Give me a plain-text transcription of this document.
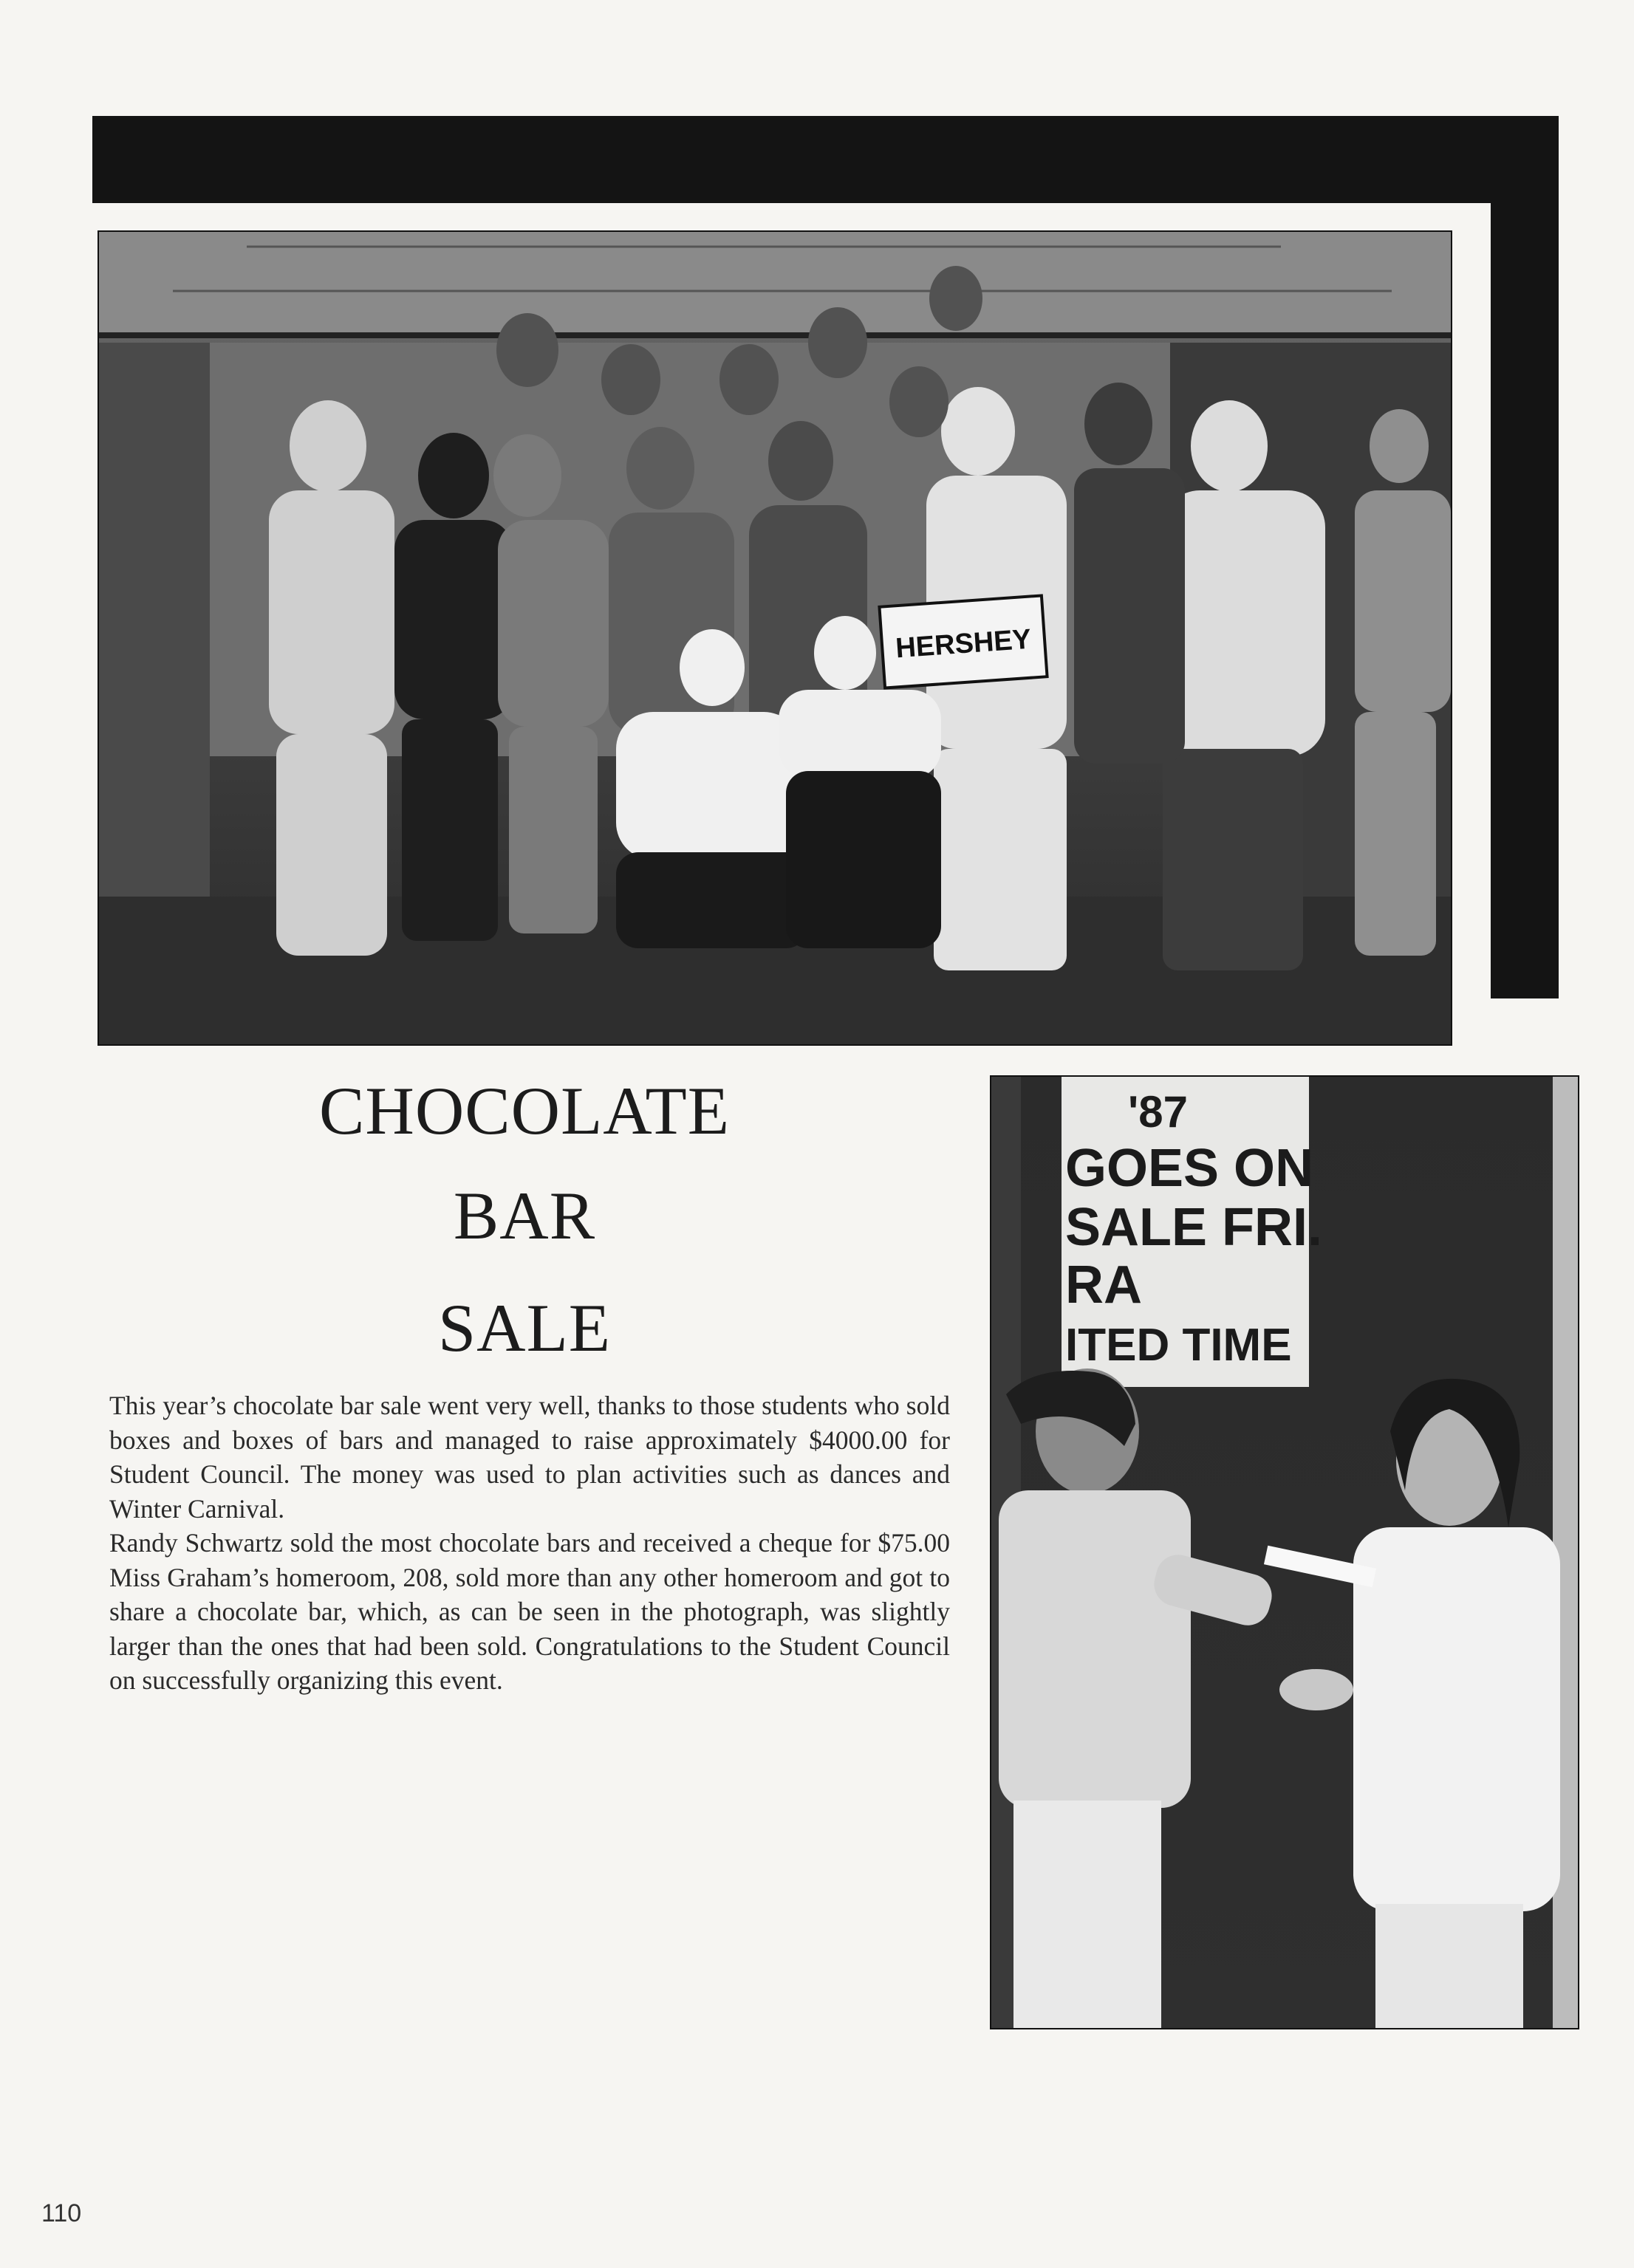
HERSHEY
CHOCOLATE
BAR
SALE

This year’s chocolate bar sale went very well, thanks to those students who sold boxes and boxes of bars and managed to raise approximately $4000.00 for Student Council. The money was used to plan activities such as dances and Winter Carnival.

Randy Schwartz sold the most chocolate bars and received a cheque for $75.00 Miss Graham’s homeroom, 208, sold more than any other homeroom and got to share a chocolate bar, which, as can be seen in the photograph, was slightly larger than the ones that had been sold. Congratulations to the Student Council on successfully organizing this event.

'87
GOES ON
SALE FRI.
RA
ITED TIME
110
